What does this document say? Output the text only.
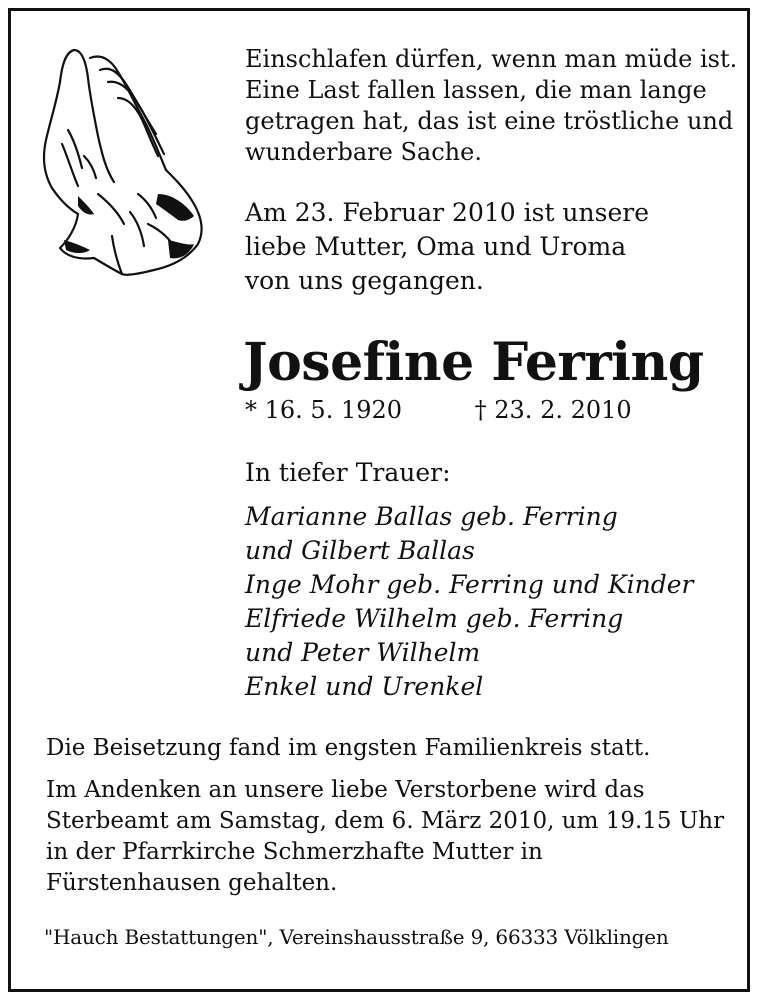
Einschlafen dürfen, wenn man müde ist.

Eine Last fallen lassen, die man lange

getragen hat, das ist eine tröstliche und

wunderbare Sache.

Am 23. Februar 2010 ist unsere

liebe Mutter, Oma und Uroma

von uns gegangen.

Josefine Ferring
* 16. 5. 1920	† 23. 2. 2010

In tiefer Trauer:

Marianne Ballas geb. Ferring

und Gilbert Ballas

Inge Mohr geb. Ferring und Kinder

Elfriede Wilhelm geb. Ferring

und Peter Wilhelm

Enkel und Urenkel

Die Beisetzung fand im engsten Familienkreis statt.

Im Andenken an unsere liebe Verstorbene wird das

Sterbeamt am Samstag, dem 6. März 2010, um 19.15 Uhr

in der Pfarrkirche Schmerzhafte Mutter in

Fürstenhausen gehalten.

"Hauch Bestattungen", Vereinshausstraße 9, 66333 Völklingen
